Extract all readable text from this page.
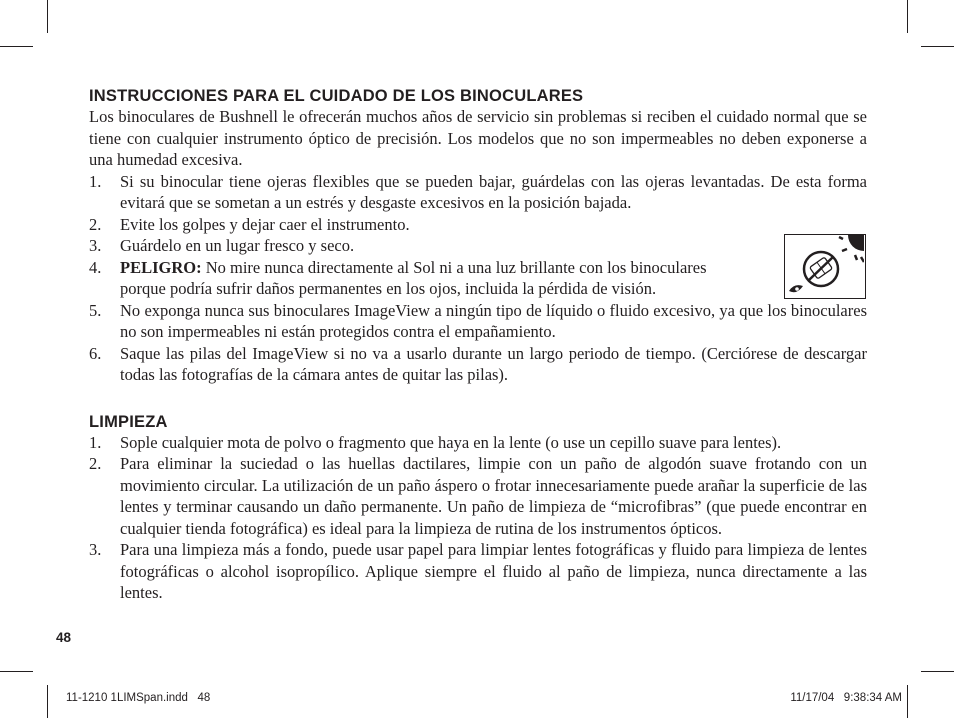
INSTRUCCIONES PARA EL CUIDADO DE LOS BINOCULARES

Los binoculares de Bushnell le ofrecerán muchos años de servicio sin problemas si reciben el cuidado normal que se tiene con cualquier instrumento óptico de precisión. Los modelos que no son impermeables no deben exponerse a una humedad excesiva.

1. Si su binocular tiene ojeras flexibles que se pueden bajar, guárdelas con las ojeras levantadas. De esta forma evitará que se sometan a un estrés y desgaste excesivos en la posición bajada.
2. Evite los golpes y dejar caer el instrumento.
3. Guárdelo en un lugar fresco y seco.
4. PELIGRO: No mire nunca directamente al Sol ni a una luz brillante con los binoculares porque podría sufrir daños permanentes en los ojos, incluida la pérdida de visión.
5. No exponga nunca sus binoculares ImageView a ningún tipo de líquido o fluido excesivo, ya que los binoculares no son impermeables ni están protegidos contra el empañamiento.
6. Saque las pilas del ImageView si no va a usarlo durante un largo periodo de tiempo. (Cerciórese de descargar todas las fotografías de la cámara antes de quitar las pilas).
LIMPIEZA
1. Sople cualquier mota de polvo o fragmento que haya en la lente (o use un cepillo suave para lentes).
2. Para eliminar la suciedad o las huellas dactilares, limpie con un paño de algodón suave frotando con un movimiento circular. La utilización de un paño áspero o frotar innecesariamente puede arañar la superficie de las lentes y terminar causando un daño permanente. Un paño de limpieza de “microfibras” (que puede encontrar en cualquier tienda fotográfica) es ideal para la limpieza de rutina de los instrumentos ópticos.
3. Para una limpieza más a fondo, puede usar papel para limpiar lentes fotográficas y fluido para limpieza de lentes fotográficas o alcohol isopropílico. Aplique siempre el fluido al paño de limpieza, nunca directamente a las lentes.
48
11-1210 1LIMSpan.indd   48	11/17/04   9:38:34 AM
